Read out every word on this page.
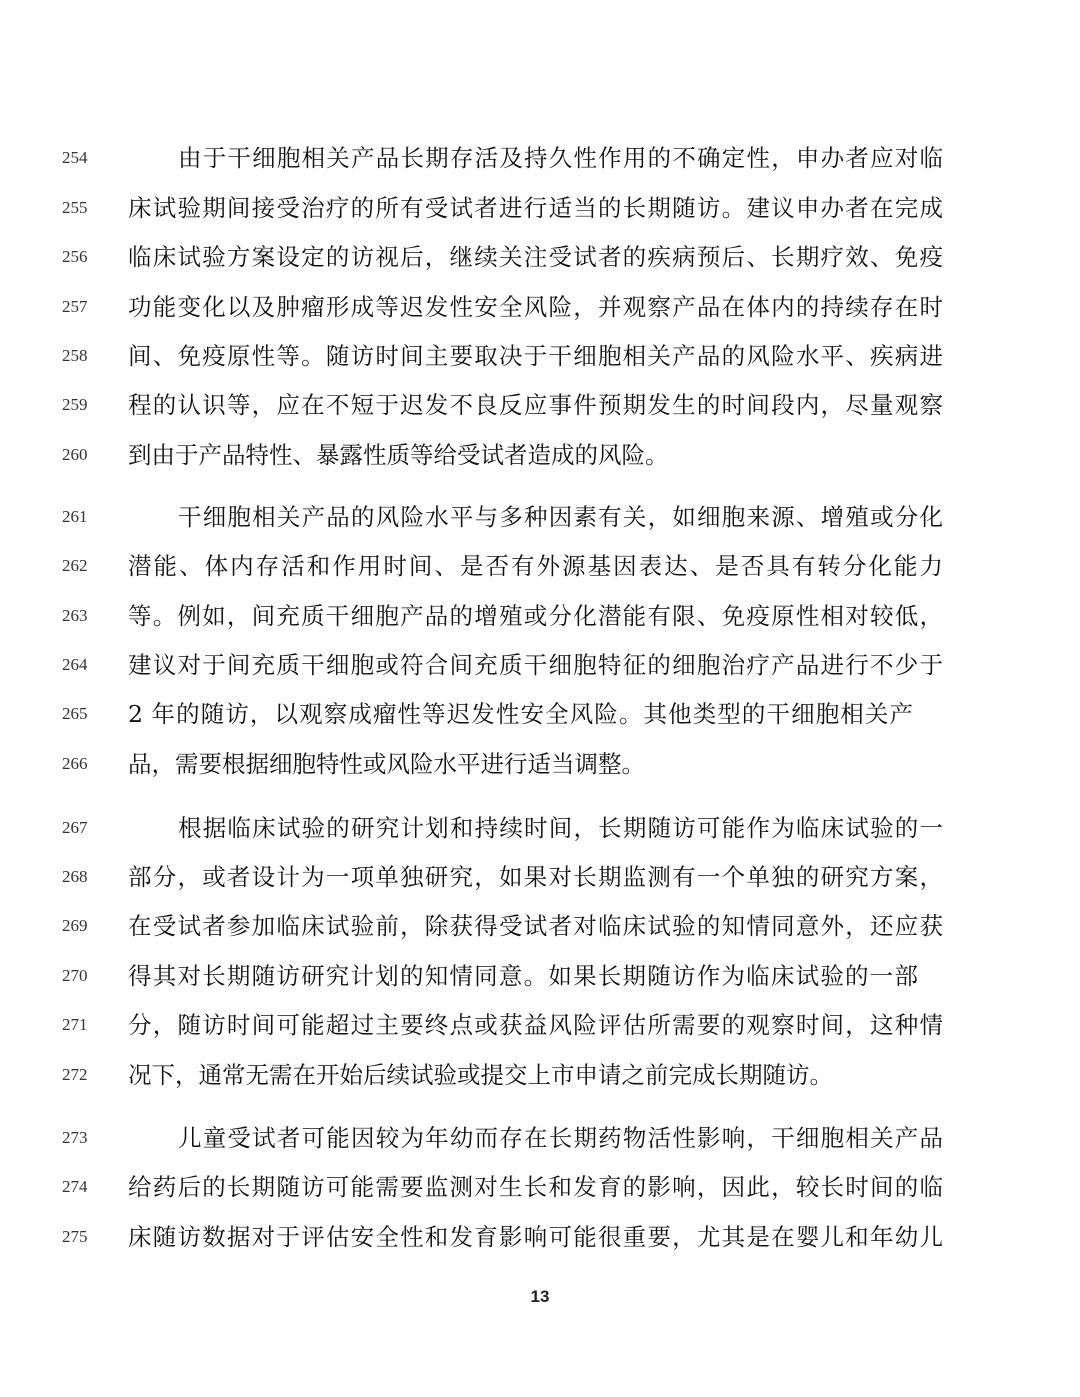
254	由于干细胞相关产品长期存活及持久性作用的不确定性，申办者应对临
255	床试验期间接受治疗的所有受试者进行适当的长期随访。建议申办者在完成
256	临床试验方案设定的访视后，继续关注受试者的疾病预后、长期疗效、免疫
257	功能变化以及肿瘤形成等迟发性安全风险，并观察产品在体内的持续存在时
258	间、免疫原性等。随访时间主要取决于干细胞相关产品的风险水平、疾病进
259	程的认识等，应在不短于迟发不良反应事件预期发生的时间段内，尽量观察
260	到由于产品特性、暴露性质等给受试者造成的风险。
261	干细胞相关产品的风险水平与多种因素有关，如细胞来源、增殖或分化
262	潜能、体内存活和作用时间、是否有外源基因表达、是否具有转分化能力
263	等。例如，间充质干细胞产品的增殖或分化潜能有限、免疫原性相对较低，
264	建议对于间充质干细胞或符合间充质干细胞特征的细胞治疗产品进行不少于
265	2 年的随访，以观察成瘤性等迟发性安全风险。其他类型的干细胞相关产
266	品，需要根据细胞特性或风险水平进行适当调整。
267	根据临床试验的研究计划和持续时间，长期随访可能作为临床试验的一
268	部分，或者设计为一项单独研究，如果对长期监测有一个单独的研究方案，
269	在受试者参加临床试验前，除获得受试者对临床试验的知情同意外，还应获
270	得其对长期随访研究计划的知情同意。如果长期随访作为临床试验的一部
271	分，随访时间可能超过主要终点或获益风险评估所需要的观察时间，这种情
272	况下，通常无需在开始后续试验或提交上市申请之前完成长期随访。
273	儿童受试者可能因较为年幼而存在长期药物活性影响，干细胞相关产品
274	给药后的长期随访可能需要监测对生长和发育的影响，因此，较长时间的临
275	床随访数据对于评估安全性和发育影响可能很重要，尤其是在婴儿和年幼儿
13
